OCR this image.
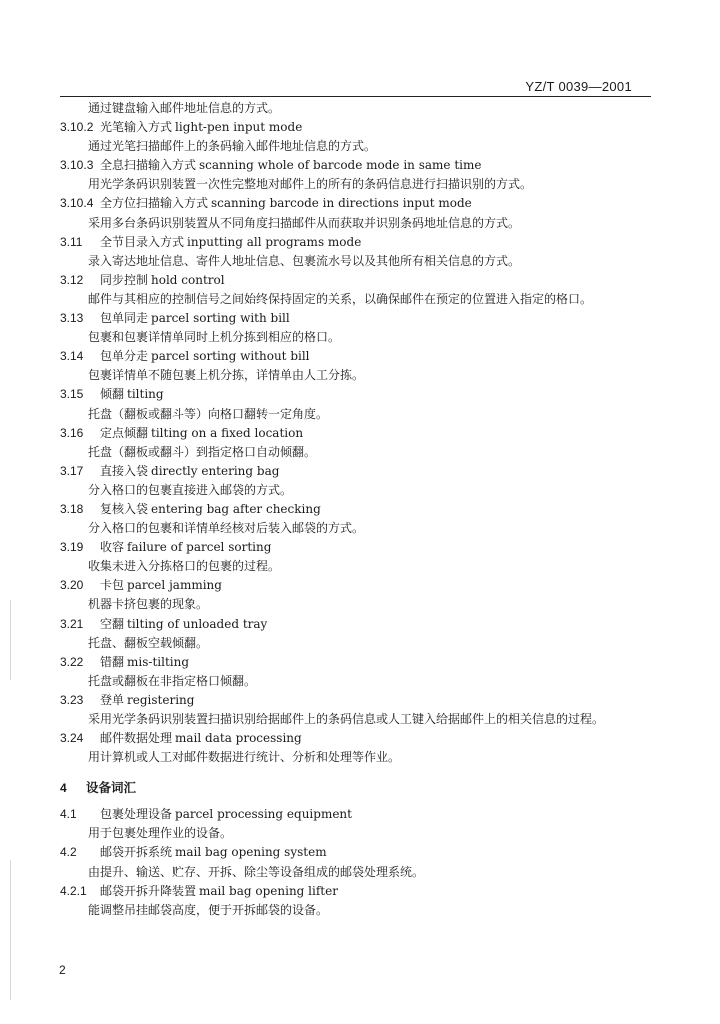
YZ/T 0039—2001
通过键盘输入邮件地址信息的方式。
3.10.2 光笔输入方式 light-pen input mode
通过光笔扫描邮件上的条码输入邮件地址信息的方式。
3.10.3 全息扫描输入方式 scanning whole of barcode mode in same time
用光学条码识别装置一次性完整地对邮件上的所有的条码信息进行扫描识别的方式。
3.10.4 全方位扫描输入方式 scanning barcode in directions input mode
采用多台条码识别装置从不同角度扫描邮件从而获取并识别条码地址信息的方式。
3.11 全节目录入方式 inputting all programs mode
录入寄达地址信息、寄件人地址信息、包裹流水号以及其他所有相关信息的方式。
3.12 同步控制 hold control
邮件与其相应的控制信号之间始终保持固定的关系，以确保邮件在预定的位置进入指定的格口。
3.13 包单同走 parcel sorting with bill
包裹和包裹详情单同时上机分拣到相应的格口。
3.14 包单分走 parcel sorting without bill
包裹详情单不随包裹上机分拣，详情单由人工分拣。
3.15 倾翻 tilting
托盘（翻板或翻斗等）向格口翻转一定角度。
3.16 定点倾翻 tilting on a fixed location
托盘（翻板或翻斗）到指定格口自动倾翻。
3.17 直接入袋 directly entering bag
分入格口的包裹直接进入邮袋的方式。
3.18 复核入袋 entering bag after checking
分入格口的包裹和详情单经核对后装入邮袋的方式。
3.19 收容 failure of parcel sorting
收集未进入分拣格口的包裹的过程。
3.20 卡包 parcel jamming
机器卡挤包裹的现象。
3.21 空翻 tilting of unloaded tray
托盘、翻板空载倾翻。
3.22 错翻 mis-tilting
托盘或翻板在非指定格口倾翻。
3.23 登单 registering
采用光学条码识别装置扫描识别给据邮件上的条码信息或人工键入给据邮件上的相关信息的过程。
3.24 邮件数据处理 mail data processing
用计算机或人工对邮件数据进行统计、分析和处理等作业。
4 设备词汇
4.1 包裹处理设备 parcel processing equipment
用于包裹处理作业的设备。
4.2 邮袋开拆系统 mail bag opening system
由提升、输送、贮存、开拆、除尘等设备组成的邮袋处理系统。
4.2.1 邮袋开拆升降装置 mail bag opening lifter
能调整吊挂邮袋高度，便于开拆邮袋的设备。
2
